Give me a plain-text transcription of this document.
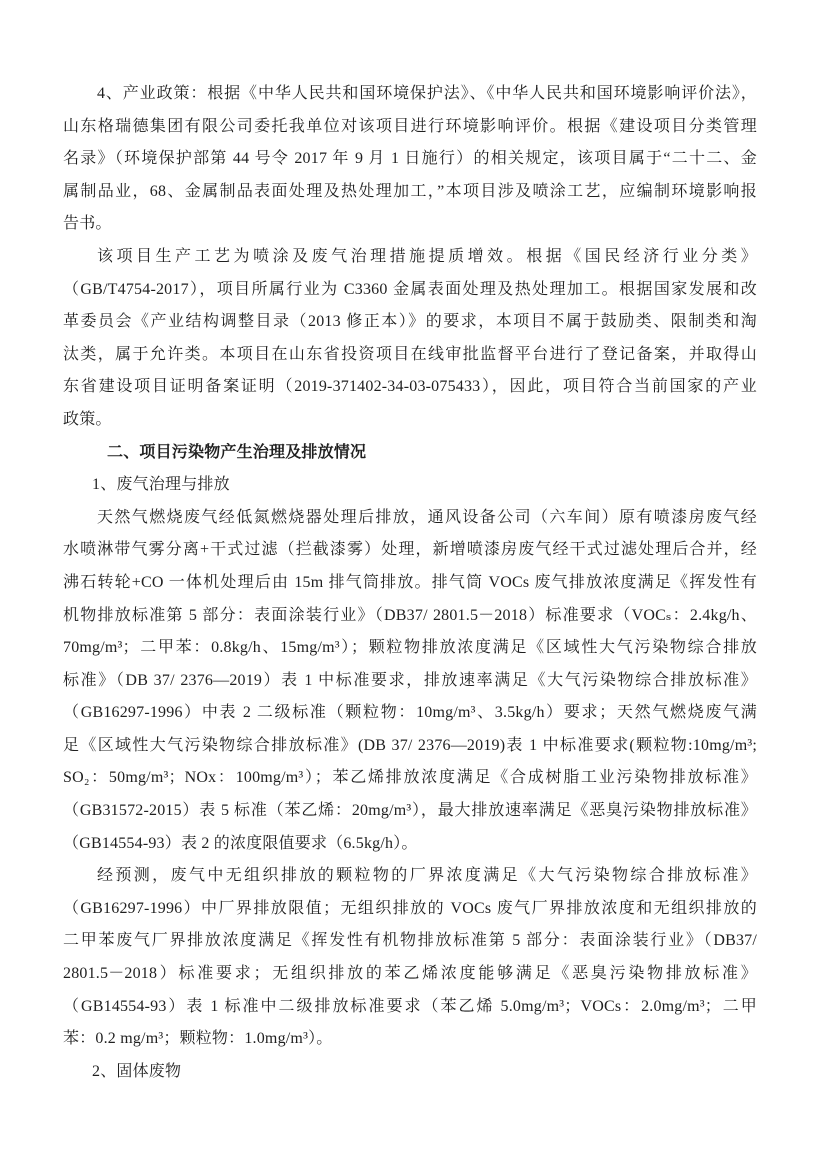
4、产业政策：根据《中华人民共和国环境保护法》、《中华人民共和国环境影响评价法》，
山东格瑞德集团有限公司委托我单位对该项目进行环境影响评价。根据《建设项目分类管理
名录》（环境保护部第 44 号令 2017 年 9 月 1 日施行）的相关规定，该项目属于“二十二、金
属制品业，68、金属制品表面处理及热处理加工，”本项目涉及喷涂工艺，应编制环境影响报
告书。
该项目生产工艺为喷涂及废气治理措施提质增效。根据《国民经济行业分类》
（GB/T4754-2017），项目所属行业为 C3360 金属表面处理及热处理加工。根据国家发展和改
革委员会《产业结构调整目录（2013 修正本）》的要求，本项目不属于鼓励类、限制类和淘
汰类，属于允许类。本项目在山东省投资项目在线审批监督平台进行了登记备案，并取得山
东省建设项目证明备案证明（2019-371402-34-03-075433），因此，项目符合当前国家的产业
政策。
二、项目污染物产生治理及排放情况
1、废气治理与排放
天然气燃烧废气经低氮燃烧器处理后排放，通风设备公司（六车间）原有喷漆房废气经
水喷淋带气雾分离+干式过滤（拦截漆雾）处理，新增喷漆房废气经干式过滤处理后合并，经
沸石转轮+CO 一体机处理后由 15m 排气筒排放。排气筒 VOCs 废气排放浓度满足《挥发性有
机物排放标准第 5 部分：表面涂装行业》（DB37/ 2801.5－2018）标准要求（VOCₛ：2.4kg/h、
70mg/m³；二甲苯：0.8kg/h、15mg/m³）；颗粒物排放浓度满足《区域性大气污染物综合排放
标准》（DB 37/ 2376—2019）表 1 中标准要求，排放速率满足《大气污染物综合排放标准》
（GB16297-1996）中表 2 二级标准（颗粒物：10mg/m³、3.5kg/h）要求；天然气燃烧废气满
足《区域性大气污染物综合排放标准》(DB 37/ 2376—2019)表 1 中标准要求(颗粒物:10mg/m³;
SO₂：50mg/m³；NOx：100mg/m³）；苯乙烯排放浓度满足《合成树脂工业污染物排放标准》
（GB31572-2015）表 5 标准（苯乙烯：20mg/m³），最大排放速率满足《恶臭污染物排放标准》
（GB14554-93）表 2 的浓度限值要求（6.5kg/h）。
经预测，废气中无组织排放的颗粒物的厂界浓度满足《大气污染物综合排放标准》
（GB16297-1996）中厂界排放限值；无组织排放的 VOCs 废气厂界排放浓度和无组织排放的
二甲苯废气厂界排放浓度满足《挥发性有机物排放标准第 5 部分：表面涂装行业》（DB37/
2801.5－2018）标准要求；无组织排放的苯乙烯浓度能够满足《恶臭污染物排放标准》
（GB14554-93）表 1 标准中二级排放标准要求（苯乙烯 5.0mg/m³；VOCs：2.0mg/m³；二甲
苯：0.2 mg/m³；颗粒物：1.0mg/m³）。
2、固体废物
